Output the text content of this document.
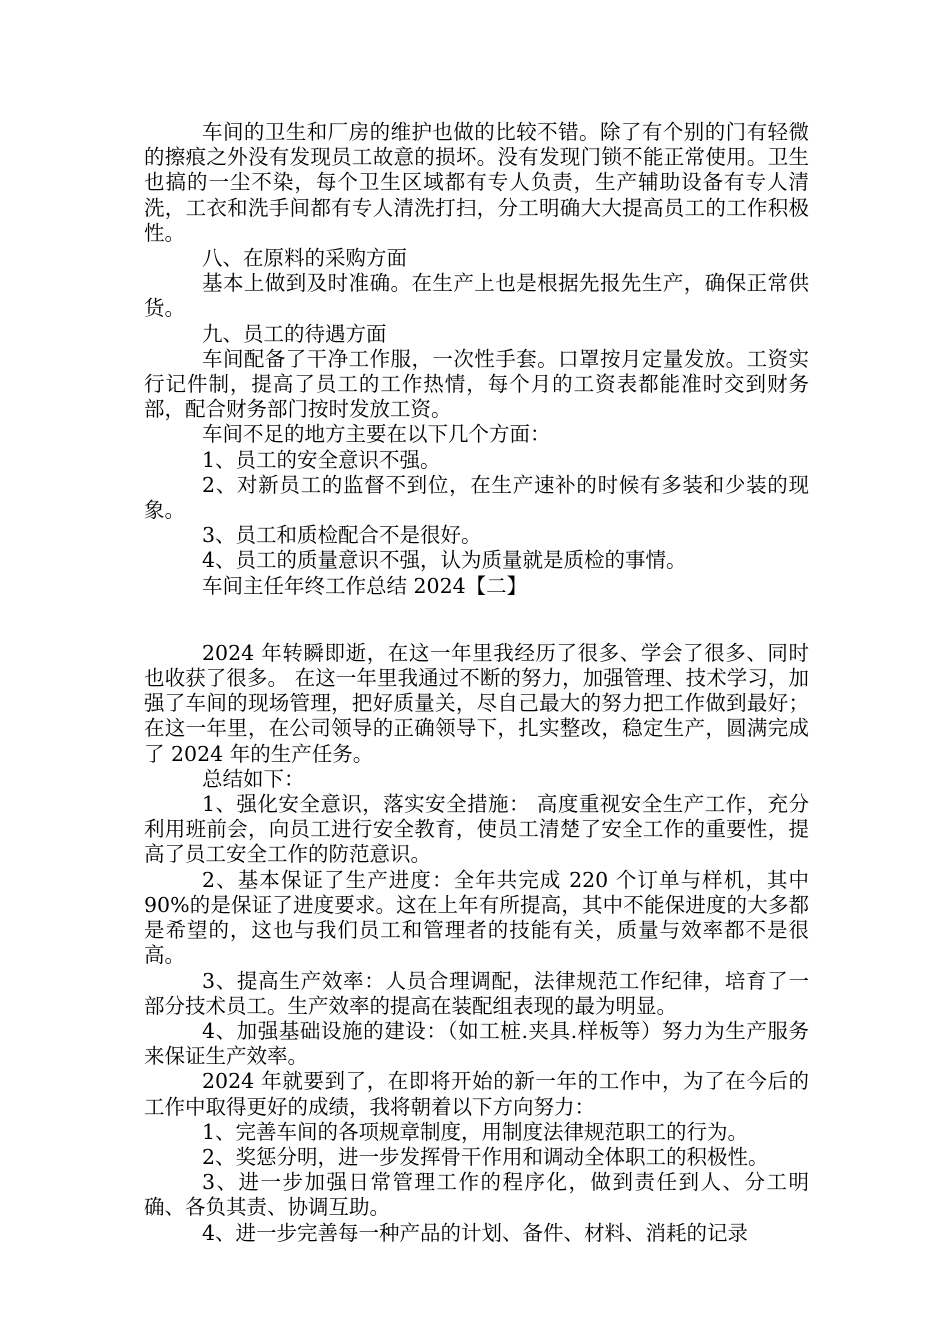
车间的卫生和厂房的维护也做的比较不错。除了有个别的门有轻微的擦痕之外没有发现员工故意的损坏。没有发现门锁不能正常使用。卫生也搞的一尘不染，每个卫生区域都有专人负责，生产辅助设备有专人清洗，工衣和洗手间都有专人清洗打扫，分工明确大大提高员工的工作积极性。

八、在原料的采购方面

基本上做到及时准确。在生产上也是根据先报先生产，确保正常供货。

九、员工的待遇方面

车间配备了干净工作服，一次性手套。口罩按月定量发放。工资实行记件制，提高了员工的工作热情，每个月的工资表都能准时交到财务部，配合财务部门按时发放工资。

车间不足的地方主要在以下几个方面：

1、员工的安全意识不强。

2、对新员工的监督不到位，在生产速补的时候有多装和少装的现象。

3、员工和质检配合不是很好。

4、员工的质量意识不强，认为质量就是质检的事情。

车间主任年终工作总结 2024【二】

2024 年转瞬即逝，在这一年里我经历了很多、学会了很多、同时也收获了很多。 在这一年里我通过不断的努力，加强管理、技术学习，加强了车间的现场管理，把好质量关，尽自己最大的努力把工作做到最好；在这一年里，在公司领导的正确领导下，扎实整改，稳定生产，圆满完成了 2024 年的生产任务。

总结如下：

1、强化安全意识，落实安全措施： 高度重视安全生产工作，充分利用班前会，向员工进行安全教育，使员工清楚了安全工作的重要性，提高了员工安全工作的防范意识。

2、基本保证了生产进度：全年共完成 220 个订单与样机，其中 90%的是保证了进度要求。这在上年有所提高，其中不能保进度的大多都是希望的，这也与我们员工和管理者的技能有关，质量与效率都不是很高。

3、提高生产效率：人员合理调配，法律规范工作纪律，培育了一部分技术员工。生产效率的提高在装配组表现的最为明显。

4、加强基础设施的建设：（如工桩.夹具.样板等）努力为生产服务来保证生产效率。

2024 年就要到了，在即将开始的新一年的工作中，为了在今后的工作中取得更好的成绩，我将朝着以下方向努力：

1、完善车间的各项规章制度，用制度法律规范职工的行为。

2、奖惩分明，进一步发挥骨干作用和调动全体职工的积极性。

3、进一步加强日常管理工作的程序化，做到责任到人、分工明确、各负其责、协调互助。

4、进一步完善每一种产品的计划、备件、材料、消耗的记录
